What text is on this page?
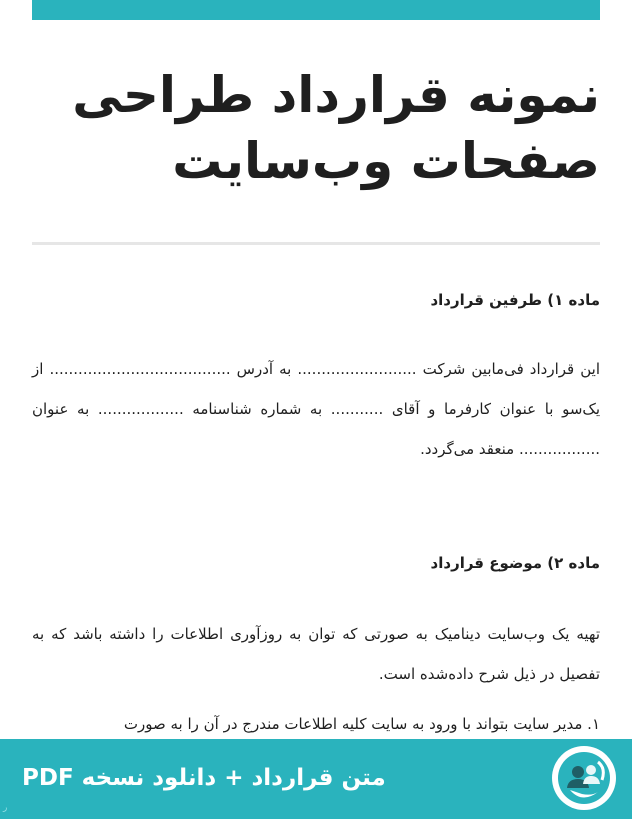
نمونه قرارداد طراحی صفحات وب‌سایت

ماده ۱) طرفین قرارداد

این قرارداد فی‌مابین شرکت ......................... به آدرس ...................................... از یک‌سو با عنوان کارفرما و آقای ........... به شماره شناسنامه .................. به عنوان ................. منعقد می‌گردد.

ماده ۲) موضوع قرارداد

تهیه یک وب‌سایت دینامیک به صورتی که توان به روزآوری اطلاعات را داشته باشد که به تفصیل در ذیل شرح داده‌شده است.

۱. مدیر سایت بتواند با ورود به سایت کلیه اطلاعات مندرج در آن را به صورت

متن قرارداد + دانلود نسخه PDF
ر
